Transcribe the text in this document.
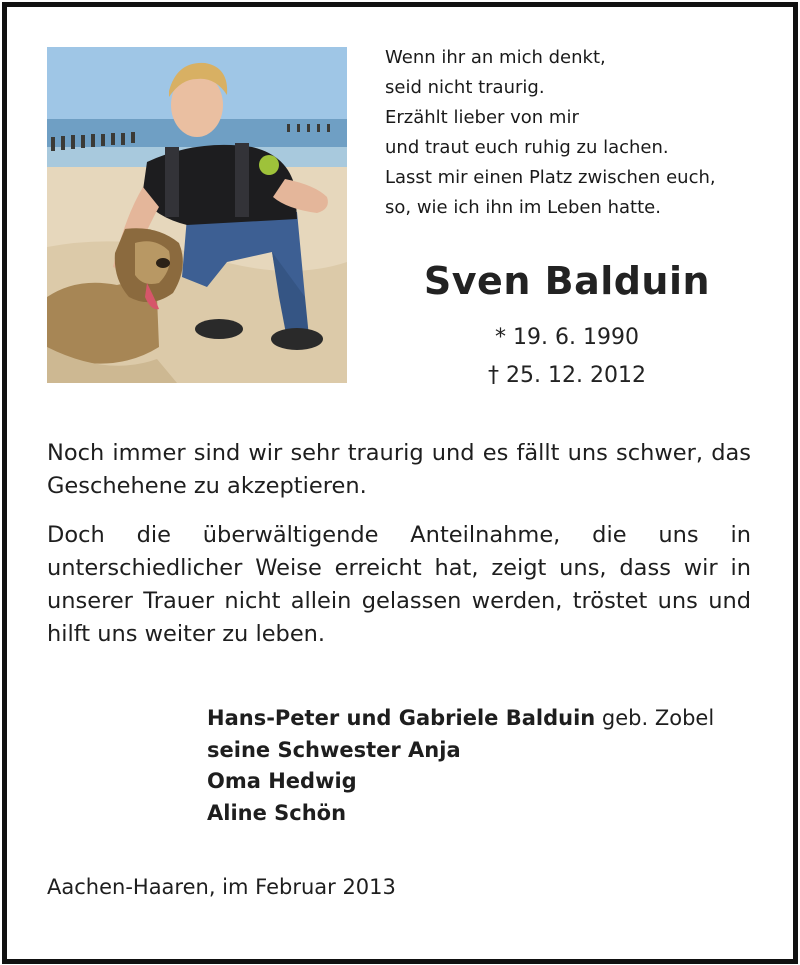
Wenn ihr an mich denkt,
seid nicht traurig.
Erzählt lieber von mir
und traut euch ruhig zu lachen.
Lasst mir einen Platz zwischen euch,
so, wie ich ihn im Leben hatte.
Sven Balduin
* 19. 6. 1990
† 25. 12. 2012

Noch immer sind wir sehr traurig und es fällt uns schwer, das Geschehene zu akzeptieren.

Doch die überwältigende Anteilnahme, die uns in unterschiedlicher Weise erreicht hat, zeigt uns, dass wir in unserer Trauer nicht allein gelassen werden, tröstet uns und hilft uns weiter zu leben.

Hans-Peter und Gabriele Balduin geb. Zobel
seine Schwester Anja
Oma Hedwig
Aline Schön
Aachen-Haaren, im Februar 2013
